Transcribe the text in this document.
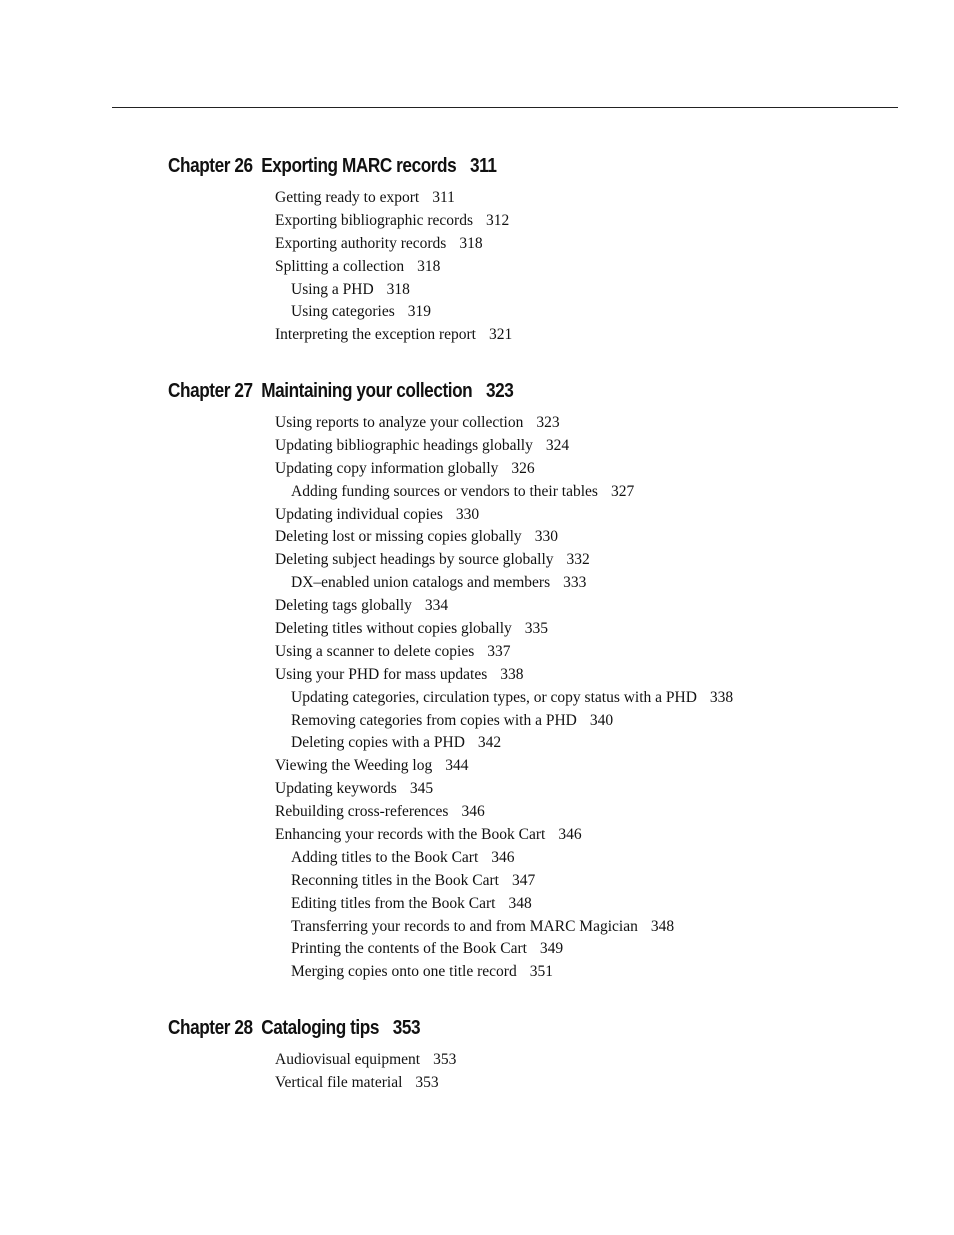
Chapter 26 Exporting MARC records 311
Getting ready to export 311
Exporting bibliographic records 312
Exporting authority records 318
Splitting a collection 318
Using a PHD 318
Using categories 319
Interpreting the exception report 321
Chapter 27 Maintaining your collection 323
Using reports to analyze your collection 323
Updating bibliographic headings globally 324
Updating copy information globally 326
Adding funding sources or vendors to their tables 327
Updating individual copies 330
Deleting lost or missing copies globally 330
Deleting subject headings by source globally 332
DX–enabled union catalogs and members 333
Deleting tags globally 334
Deleting titles without copies globally 335
Using a scanner to delete copies 337
Using your PHD for mass updates 338
Updating categories, circulation types, or copy status with a PHD 338
Removing categories from copies with a PHD 340
Deleting copies with a PHD 342
Viewing the Weeding log 344
Updating keywords 345
Rebuilding cross-references 346
Enhancing your records with the Book Cart 346
Adding titles to the Book Cart 346
Reconning titles in the Book Cart 347
Editing titles from the Book Cart 348
Transferring your records to and from MARC Magician 348
Printing the contents of the Book Cart 349
Merging copies onto one title record 351
Chapter 28 Cataloging tips 353
Audiovisual equipment 353
Vertical file material 353
